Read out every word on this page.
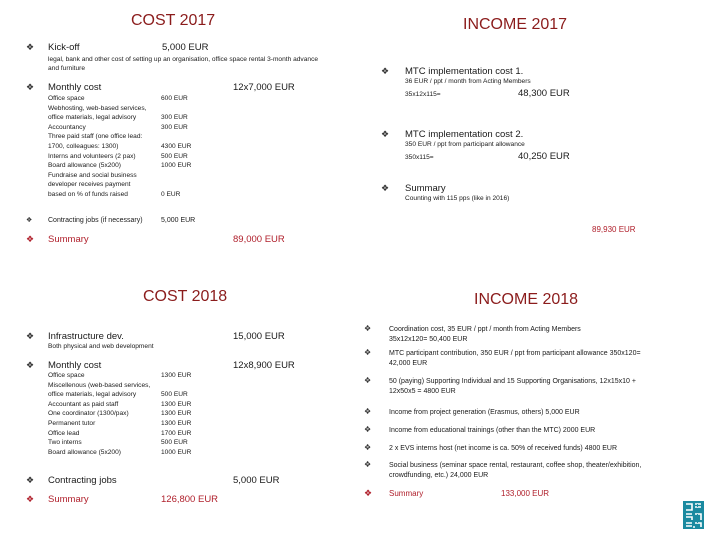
COST 2017
❖ Kick-off	5,000 EUR
legal, bank and other cost of setting up an organisation, office space rental 3-month advance
and furniture
❖ Monthly cost	12x7,000 EUR
Office space	600 EUR
Webhosting, web-based services,
office materials, legal advisory	300 EUR
Accountancy	300 EUR
Three paid staff (one office lead:
1700, colleagues: 1300)	4300 EUR
Interns and volunteers (2 pax)	500 EUR
Board allowance (5x200)	1000 EUR
Fundraise and social business
developer receives payment
based on % of funds raised	0 EUR
❖ Contracting jobs (if necessary)	5,000 EUR
❖ Summary	89,000 EUR
INCOME 2017
❖ MTC implementation cost 1.
36 EUR / ppt / month from Acting Members
35x12x115=	48,300 EUR
❖ MTC implementation cost 2.
350 EUR / ppt from participant allowance
350x115=	40,250 EUR
❖ Summary
Counting with 115 pps (like in 2016)
89,930 EUR
COST 2018
❖ Infrastructure dev.	15,000 EUR
Both physical and web development
❖ Monthly cost	12x8,900 EUR
Office space	1300 EUR
Miscellenous (web-based services,
office materials, legal advisory	500 EUR
Accountant as paid staff	1300 EUR
One coordinator (1300/pax)	1300 EUR
Permanent tutor	1300 EUR
Office lead	1700 EUR
Two interns	500 EUR
Board allowance (5x200)	1000 EUR
❖ Contracting jobs	5,000 EUR
❖ Summary	126,800 EUR
INCOME 2018
❖	Coordination cost, 35 EUR / ppt / month from Acting Members
35x12x120= 50,400 EUR
❖	MTC participant contribution, 350 EUR / ppt from participant allowance 350x120=
42,000 EUR
❖	50 (paying) Supporting Individual and 15 Supporting Organisations, 12x15x10 +
12x50x5 = 4800 EUR
❖	Income from project generation (Erasmus, others) 5,000 EUR
❖	Income from educational trainings (other than the MTC) 2000 EUR
❖	2 x EVS interns host (net income is ca. 50% of received funds) 4800 EUR
❖	Social business (seminar space rental, restaurant, coffee shop, theater/exhibition,
crowdfunding, etc.) 24,000 EUR
❖ Summary	133,000 EUR
